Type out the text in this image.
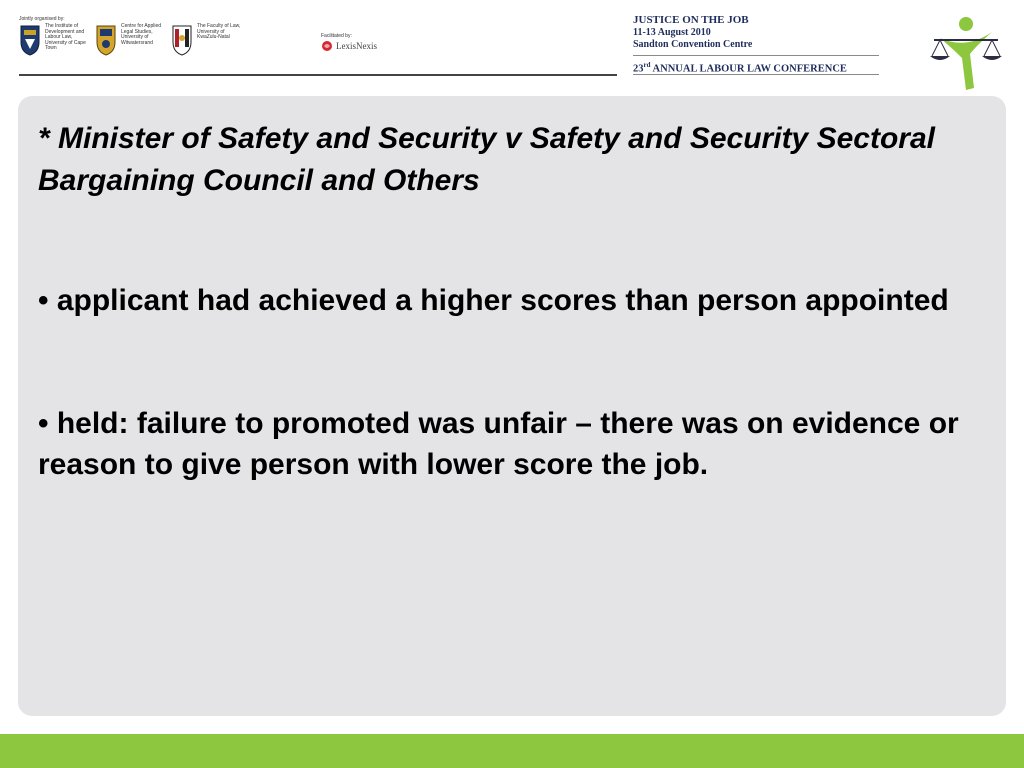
Jointly organised by:
The Institute of Development and Labour Law, University of Cape Town
Centre for Applied Legal Studies, University of Witwatersrand
The Faculty of Law, University of KwaZulu-Natal	Facilitated by:
LexisNexis
JUSTICE ON THE JOB
11-13 August 2010
Sandton Convention Centre
23rd ANNUAL LABOUR LAW CONFERENCE
* Minister of Safety and Security v Safety and Security Sectoral Bargaining Council and Others
• applicant had achieved a higher scores than person appointed
• held: failure to promoted was unfair – there was on evidence or reason to give person with lower score the job.
